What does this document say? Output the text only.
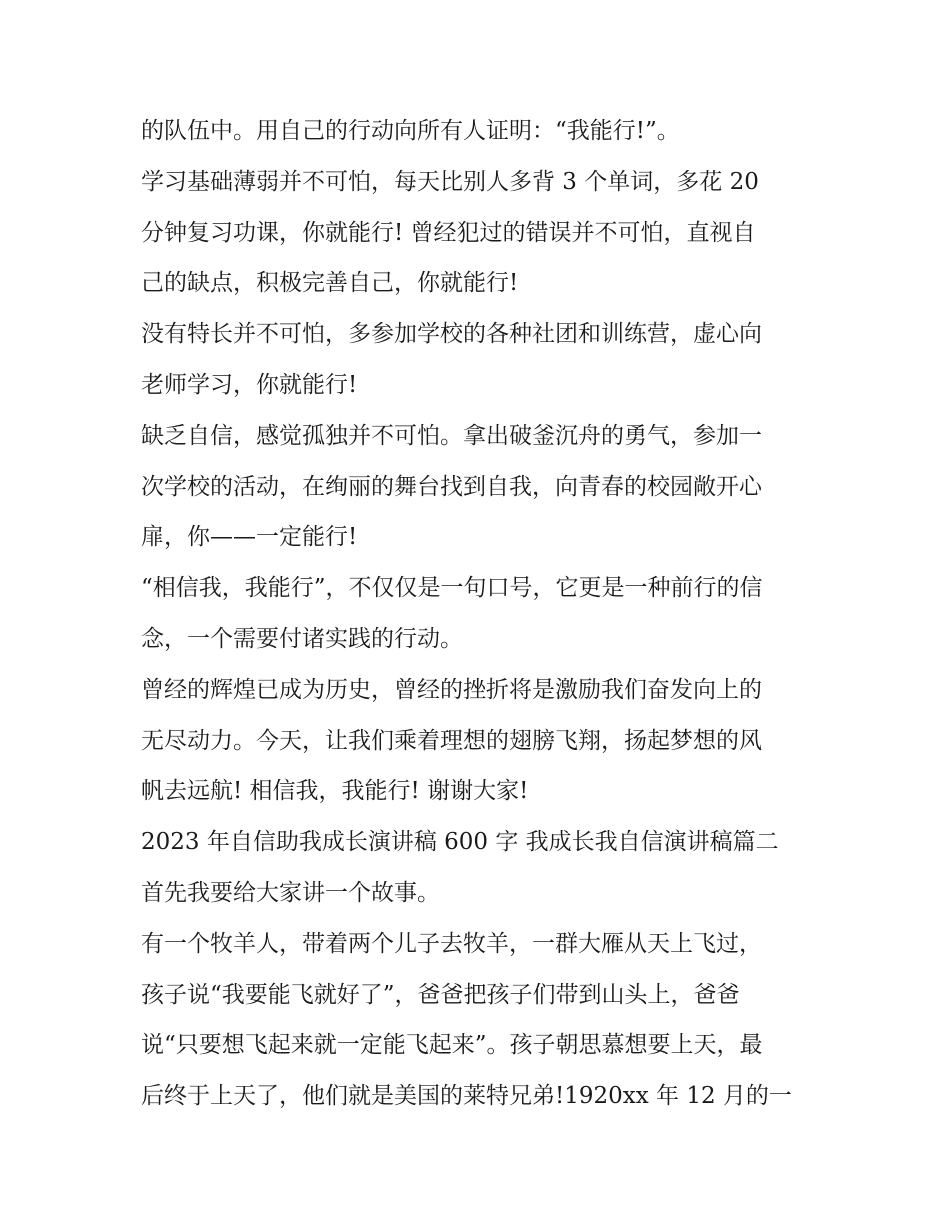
的队伍中。用自己的行动向所有人证明：“我能行!”。
学习基础薄弱并不可怕，每天比别人多背 3 个单词，多花 20
分钟复习功课，你就能行! 曾经犯过的错误并不可怕，直视自
己的缺点，积极完善自己，你就能行!
没有特长并不可怕，多参加学校的各种社团和训练营，虚心向
老师学习，你就能行!
缺乏自信，感觉孤独并不可怕。拿出破釜沉舟的勇气，参加一
次学校的活动，在绚丽的舞台找到自我，向青春的校园敞开心
扉，你——一定能行!
“相信我，我能行”，不仅仅是一句口号，它更是一种前行的信
念，一个需要付诸实践的行动。
曾经的辉煌已成为历史，曾经的挫折将是激励我们奋发向上的
无尽动力。今天，让我们乘着理想的翅膀飞翔，扬起梦想的风
帆去远航! 相信我，我能行! 谢谢大家!
2023 年自信助我成长演讲稿 600 字 我成长我自信演讲稿篇二
首先我要给大家讲一个故事。
有一个牧羊人，带着两个儿子去牧羊，一群大雁从天上飞过，
孩子说“我要能飞就好了”，爸爸把孩子们带到山头上，爸爸
说“只要想飞起来就一定能飞起来”。孩子朝思慕想要上天，最
后终于上天了，他们就是美国的莱特兄弟!1920xx 年 12 月的一
